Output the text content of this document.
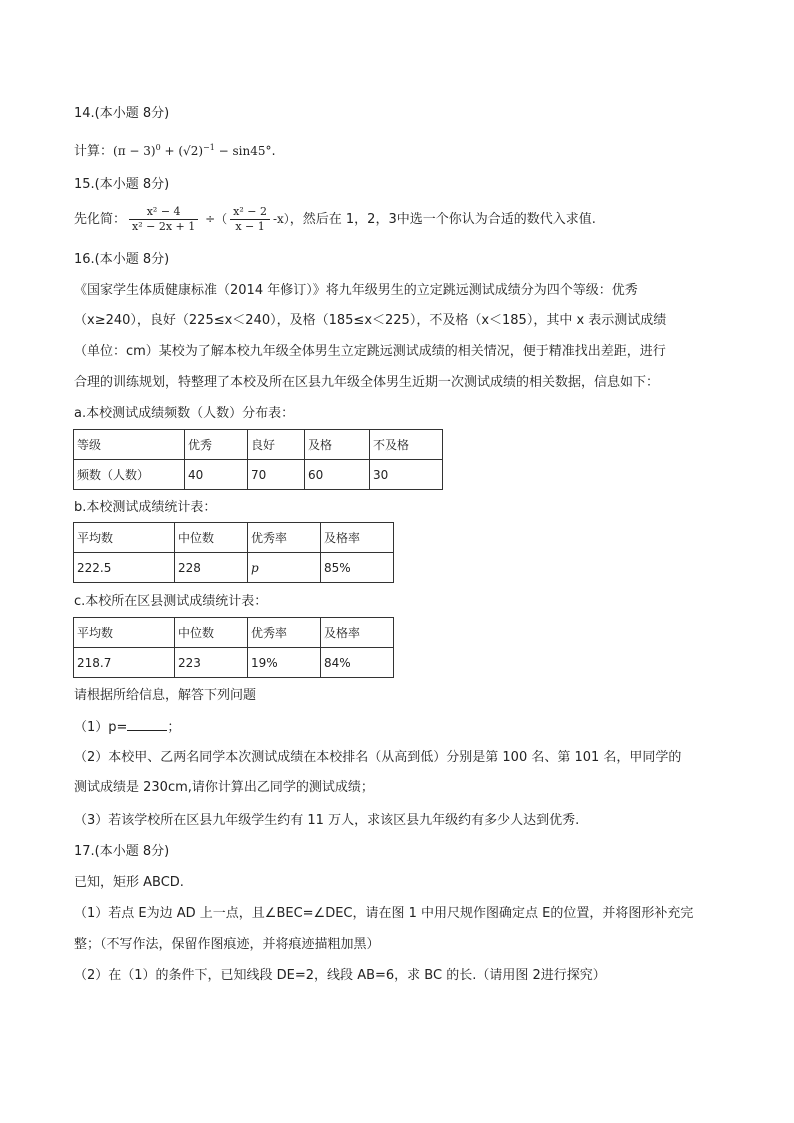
14.(本小题 8分)
计算：$(\pi - 3)^0 + (√2)^{-1} - \sin 45^\circ$.
15.(本小题 8分)
先化简： $\frac{\text{x² − 4}}{\text{x² − 2x + 1}}$ ÷（ $\frac{\text{x² − 2}}{x - 1} -x$），然后在 1，2，3中选一个你认为合适的数代入求值.
16.(本小题 8分)
《国家学生体质健康标准（2014 年修订）》将九年级男生的立定跳远测试成绩分为四个等级：优秀
（x≥240），良好（225≤x＜240），及格（185≤x＜225），不及格（x＜185），其中 x 表示测试成绩
（单位：cm）某校为了解本校九年级全体男生立定跳远测试成绩的相关情况，便于精准找出差距，进行
合理的训练规划，特整理了本校及所在区县九年级全体男生近期一次测试成绩的相关数据，信息如下：
a.本校测试成绩频数（人数）分布表：
等级	优秀	良好	及格	不及格
频数（人数）	40	70	60	30
b.本校测试成绩统计表：
平均数	中位数	优秀率	及格率
222.5	228	p	85%
c.本校所在区县测试成绩统计表：
平均数	中位数	优秀率	及格率
218.7	223	19%	84%
请根据所给信息，解答下列问题
（1）p=	；
（2）本校甲、乙两名同学本次测试成绩在本校排名（从高到低）分别是第 100 名、第 101 名，甲同学的
测试成绩是 230cm,请你计算出乙同学的测试成绩；
（3）若该学校所在区县九年级学生约有 11 万人，求该区县九年级约有多少人达到优秀.
17.(本小题 8分)
已知，矩形 ABCD.
（1）若点 E为边 AD 上一点，且∠BEC=∠DEC，请在图 1 中用尺规作图确定点 E的位置，并将图形补充完
整；（不写作法，保留作图痕迹，并将痕迹描粗加黑）
（2）在（1）的条件下，已知线段 DE=2，线段 AB=6，求 BC 的长.（请用图 2进行探究）
